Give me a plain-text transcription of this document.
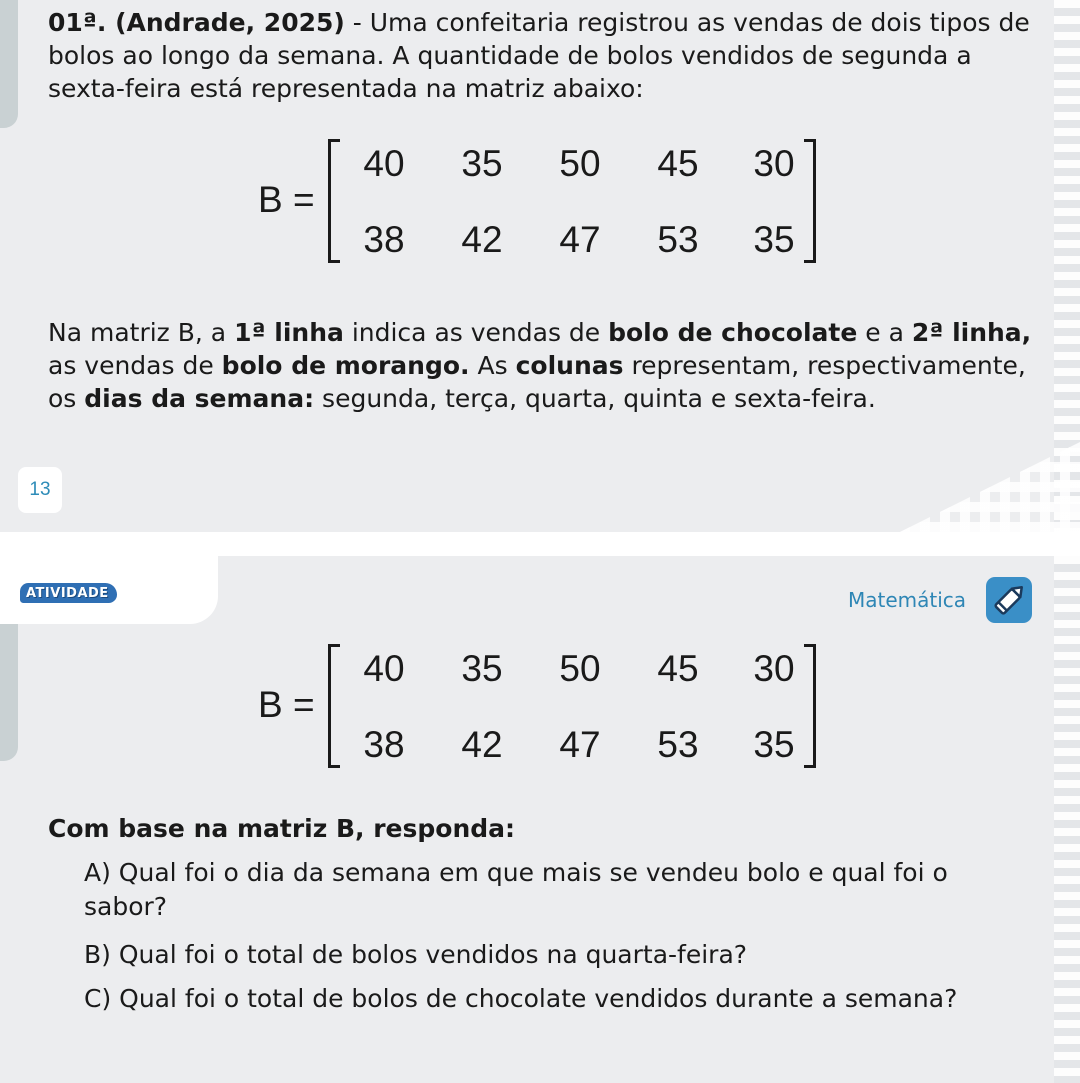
01ª. (Andrade, 2025) - Uma confeitaria registrou as vendas de dois tipos de bolos ao longo da semana. A quantidade de bolos vendidos de segunda a sexta-feira está representada na matriz abaixo:
B =
40 35 50 45 30
38 42 47 53 35
Na matriz B, a 1ª linha indica as vendas de bolo de chocolate e a 2ª linha, as vendas de bolo de morango. As colunas representam, respectivamente, os dias da semana: segunda, terça, quarta, quinta e sexta-feira.
13
ATIVIDADE	Matemática
B =
40 35 50 45 30
38 42 47 53 35
Com base na matriz B, responda:
A) Qual foi o dia da semana em que mais se vendeu bolo e qual foi o sabor?
B) Qual foi o total de bolos vendidos na quarta-feira?
C) Qual foi o total de bolos de chocolate vendidos durante a semana?
